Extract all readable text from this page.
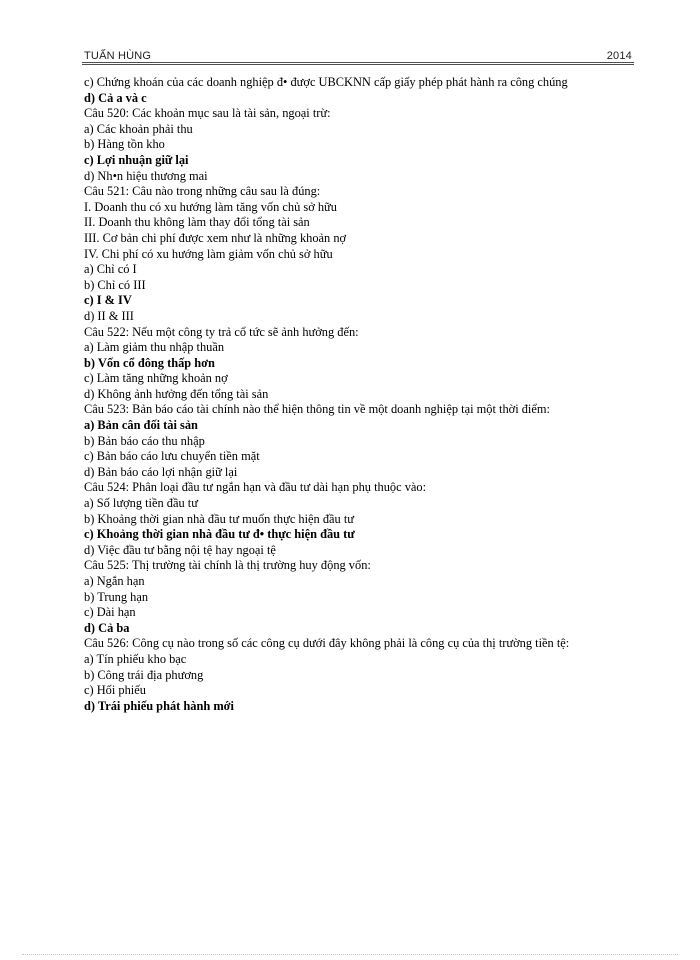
TUẤN HÙNG	2014
c) Chứng khoán của các doanh nghiệp đ• được UBCKNN cấp giấy phép phát hành ra công chúng
d) Cả a và c
Câu 520: Các khoản mục sau là tài sản, ngoại trừ:
a) Các khoản phải thu
b) Hàng tồn kho
c) Lợi nhuận giữ lại
d) Nh•n hiệu thương mai
Câu 521: Câu nào trong những câu sau là đúng:
I. Doanh thu có xu hướng làm tăng vốn chủ sở hữu
II. Doanh thu không làm thay đổi tổng tài sản
III. Cơ bản chi phí được xem như là những khoản nợ
IV. Chi phí có xu hướng làm giảm vốn chủ sở hữu
a) Chỉ có I
b) Chỉ có III
c) I & IV
d) II & III
Câu 522: Nếu một công ty trả cổ tức sẽ ảnh hưởng đến:
a) Làm giảm thu nhập thuần
b) Vốn cổ đông thấp hơn
c) Làm tăng những khoản nợ
d) Không ảnh hưởng đến tổng tài sản
Câu 523: Bản báo cáo tài chính nào thể hiện thông tin về một doanh nghiệp tại một thời điểm:
a) Bản cân đối tài sản
b) Bản báo cáo thu nhập
c) Bản báo cáo lưu chuyển tiền mặt
d) Bản báo cáo lợi nhận giữ lại
Câu 524: Phân loại đầu tư ngắn hạn và đầu tư dài hạn phụ thuộc vào:
a) Số lượng tiền đầu tư
b) Khoảng thời gian nhà đầu tư muốn thực hiện đầu tư
c) Khoảng thời gian nhà đầu tư đ• thực hiện đầu tư
d) Việc đầu tư bằng nội tệ hay ngoại tệ
Câu 525: Thị trường tài chính là thị trường huy động vốn:
a) Ngắn hạn
b) Trung hạn
c) Dài hạn
d) Cả ba
Câu 526: Công cụ nào trong số các công cụ dưới đây không phải là công cụ của thị trường tiền tệ:
a) Tín phiếu kho bạc
b) Công trái địa phương
c) Hối phiếu
d) Trái phiếu phát hành mới
